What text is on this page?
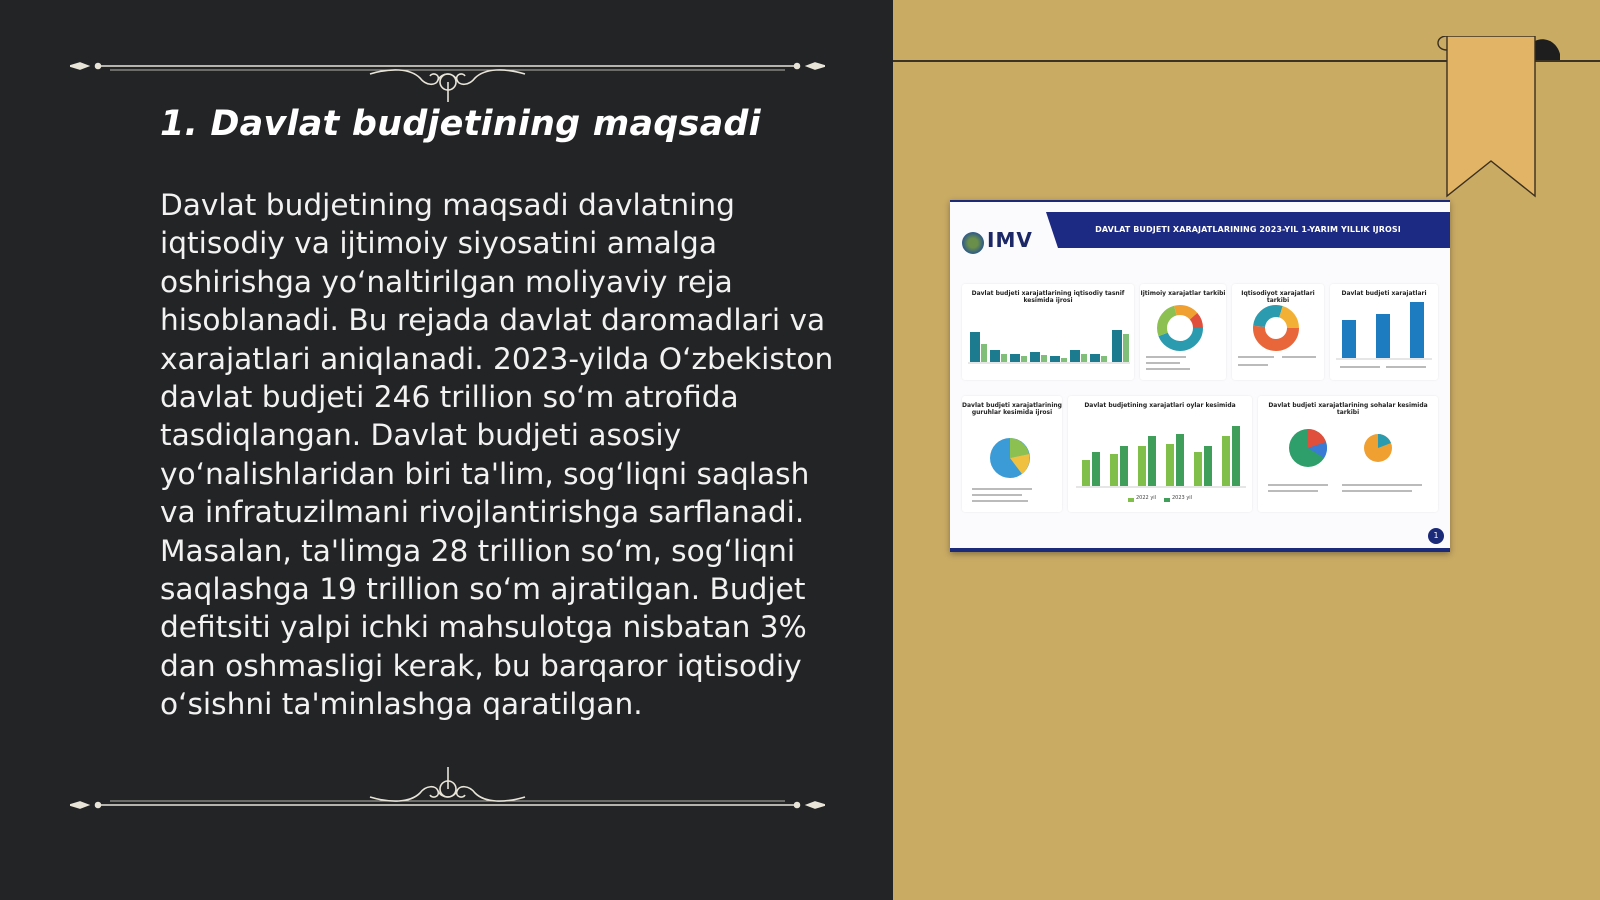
1. Davlat budjetining maqsadi

Davlat budjetining maqsadi davlatning iqtisodiy va ijtimoiy siyosatini amalga oshirishga yo‘naltirilgan moliyaviy reja hisoblanadi. Bu rejada davlat daromadlari va xarajatlari aniqlanadi. 2023-yilda O‘zbekiston davlat budjeti 246 trillion so‘m atrofida tasdiqlangan. Davlat budjeti asosiy yo‘nalishlaridan biri ta'lim, sog‘liqni saqlash va infratuzilmani rivojlantirishga sarflanadi. Masalan, ta'limga 28 trillion so‘m, sog‘liqni saqlashga 19 trillion so‘m ajratilgan. Budjet defitsiti yalpi ichki mahsulotga nisbatan 3% dan oshmasligi kerak, bu barqaror iqtisodiy o‘sishni ta'minlashga qaratilgan.

IMV	DAVLAT BUDJETI XARAJATLARINING 2023-YIL 1-YARIM YILLIK IJROSI
Davlat budjeti xarajatlarining iqtisodiy tasnif kesimida ijrosi
Ijtimoiy xarajatlar tarkibi	Iqtisodiyot xarajatlari tarkibi
Davlat budjeti xarajatlari
Davlat budjeti xarajatlarining guruhlar kesimida ijrosi
Davlat budjetining xarajatlari oylar kesimida
2022 yil	2023 yil
Davlat budjeti xarajatlarining sohalar kesimida tarkibi
1
